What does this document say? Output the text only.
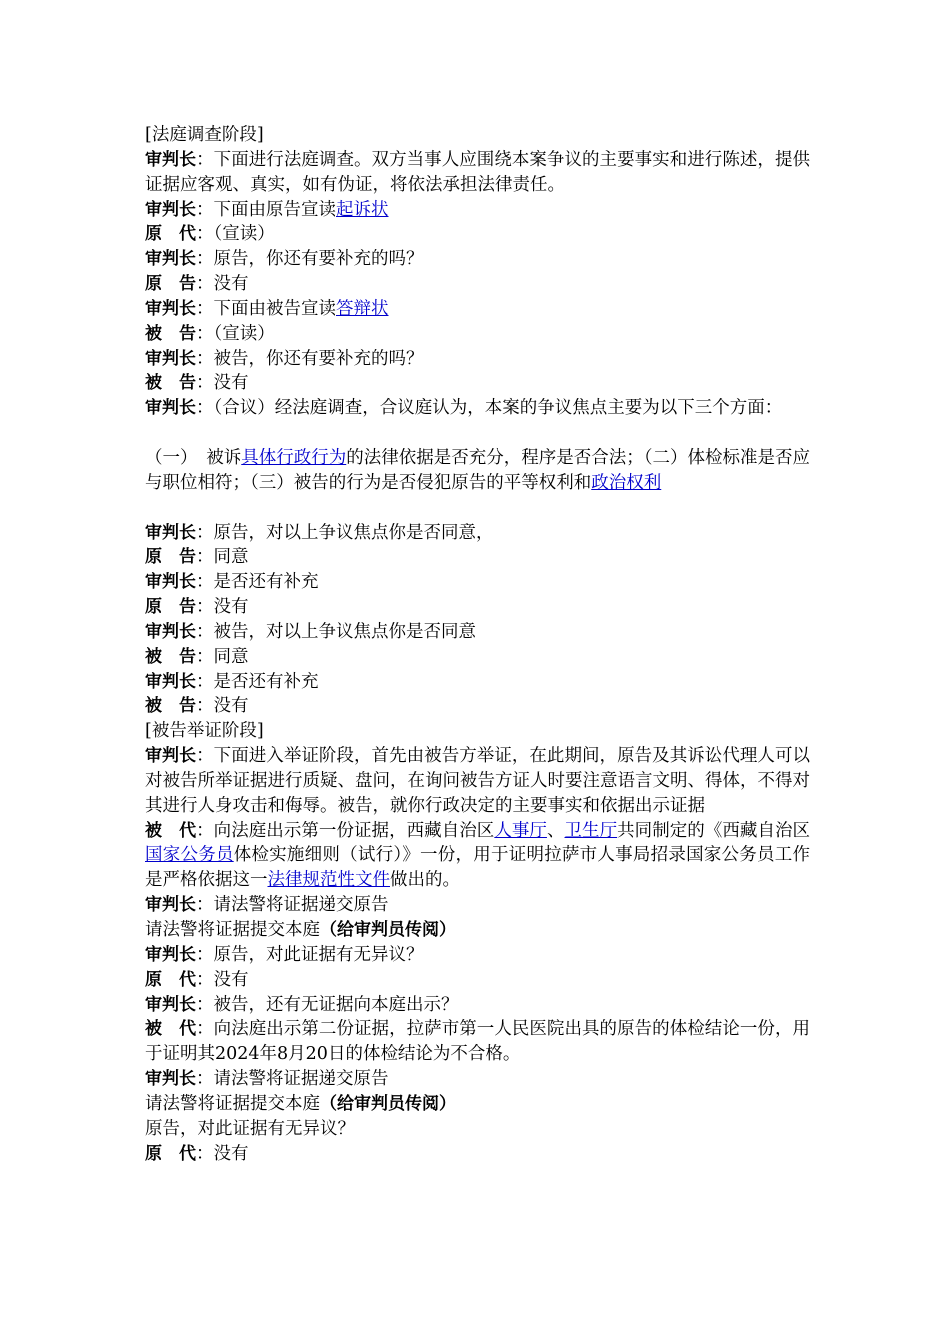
[法庭调查阶段]

审判长：下面进行法庭调查。双方当事人应围绕本案争议的主要事实和进行陈述，提供证据应客观、真实，如有伪证，将依法承担法律责任。

审判长：下面由原告宣读起诉状

原　代：（宣读）

审判长：原告，你还有要补充的吗？

原　告：没有

审判长：下面由被告宣读答辩状

被　告：（宣读）

审判长：被告，你还有要补充的吗？

被　告：没有

审判长：（合议）经法庭调查，合议庭认为，本案的争议焦点主要为以下三个方面：

（一）　被诉具体行政行为的法律依据是否充分，程序是否合法；（二）体检标准是否应与职位相符；（三）被告的行为是否侵犯原告的平等权利和政治权利

审判长：原告，对以上争议焦点你是否同意，

原　告：同意

审判长：是否还有补充

原　告：没有

审判长：被告，对以上争议焦点你是否同意

被　告：同意

审判长：是否还有补充

被　告：没有

[被告举证阶段]

审判长：下面进入举证阶段，首先由被告方举证，在此期间，原告及其诉讼代理人可以对被告所举证据进行质疑、盘问，在询问被告方证人时要注意语言文明、得体，不得对其进行人身攻击和侮辱。被告，就你行政决定的主要事实和依据出示证据

被　代：向法庭出示第一份证据，西藏自治区人事厅、卫生厅共同制定的《西藏自治区国家公务员体检实施细则（试行）》一份，用于证明拉萨市人事局招录国家公务员工作是严格依据这一法律规范性文件做出的。

审判长：请法警将证据递交原告

请法警将证据提交本庭（给审判员传阅）

审判长：原告，对此证据有无异议？

原　代：没有

审判长：被告，还有无证据向本庭出示？

被　代：向法庭出示第二份证据，拉萨市第一人民医院出具的原告的体检结论一份，用于证明其2024年8月20日的体检结论为不合格。

审判长：请法警将证据递交原告

请法警将证据提交本庭（给审判员传阅）

原告，对此证据有无异议？

原　代：没有
